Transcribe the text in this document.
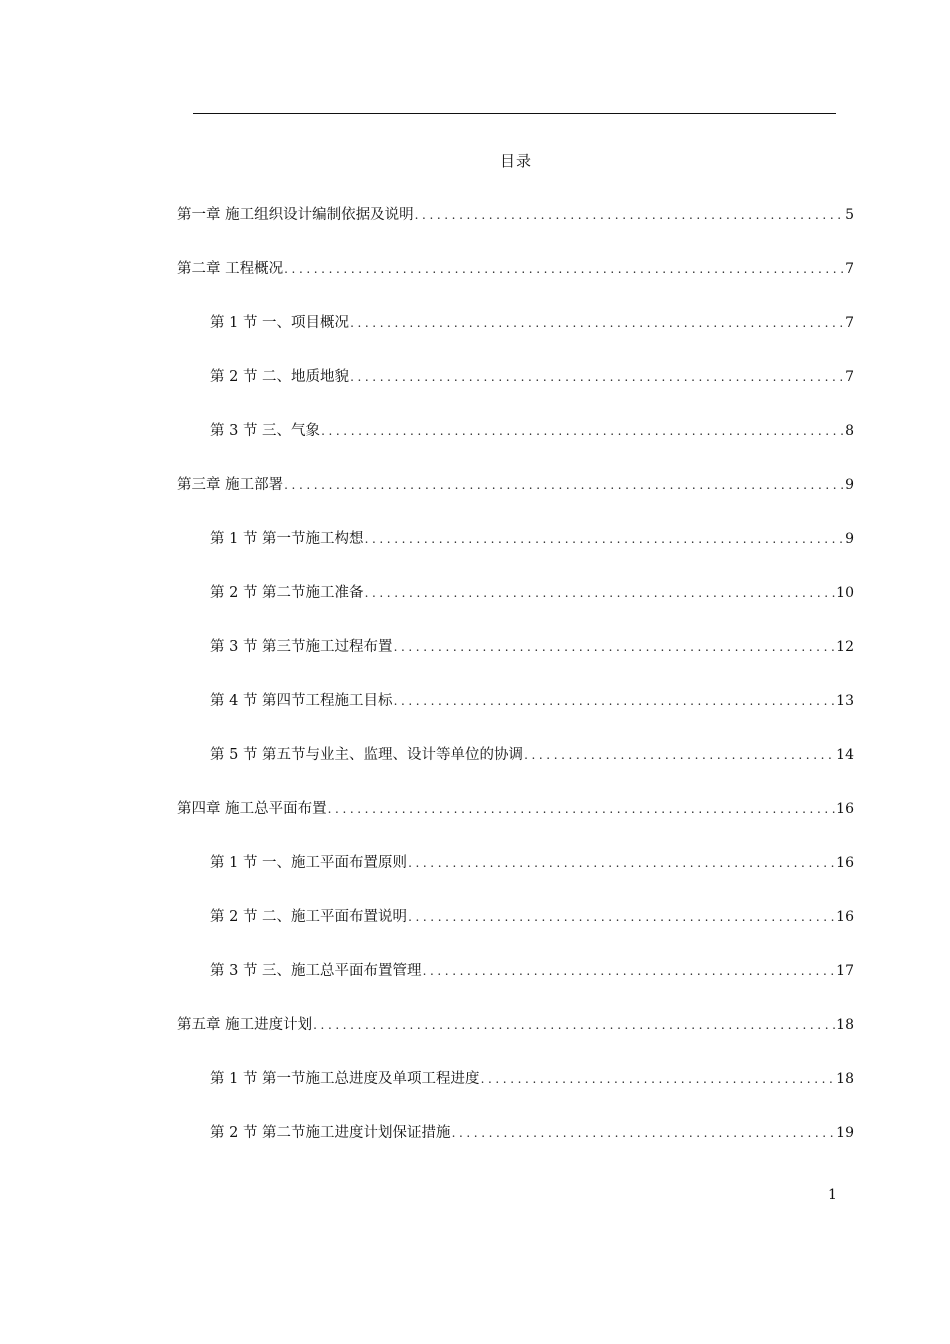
目录
第一章 施工组织设计编制依据及说明 .....	5
第二章 工程概况 .....	7
第 1 节 一、项目概况 .....	7
第 2 节 二、地质地貌 .....	7
第 3 节 三、气象 .....	8
第三章 施工部署 .....	9
第 1 节 第一节施工构想 .....	9
第 2 节 第二节施工准备 .....	10
第 3 节 第三节施工过程布置 .....	12
第 4 节 第四节工程施工目标 .....	13
第 5 节 第五节与业主、监理、设计等单位的协调 .....	14
第四章 施工总平面布置 .....	16
第 1 节 一、施工平面布置原则 .....	16
第 2 节 二、施工平面布置说明 .....	16
第 3 节 三、施工总平面布置管理 .....	17
第五章 施工进度计划 .....	18
第 1 节 第一节施工总进度及单项工程进度 .....	18
第 2 节 第二节施工进度计划保证措施 .....	19
1
